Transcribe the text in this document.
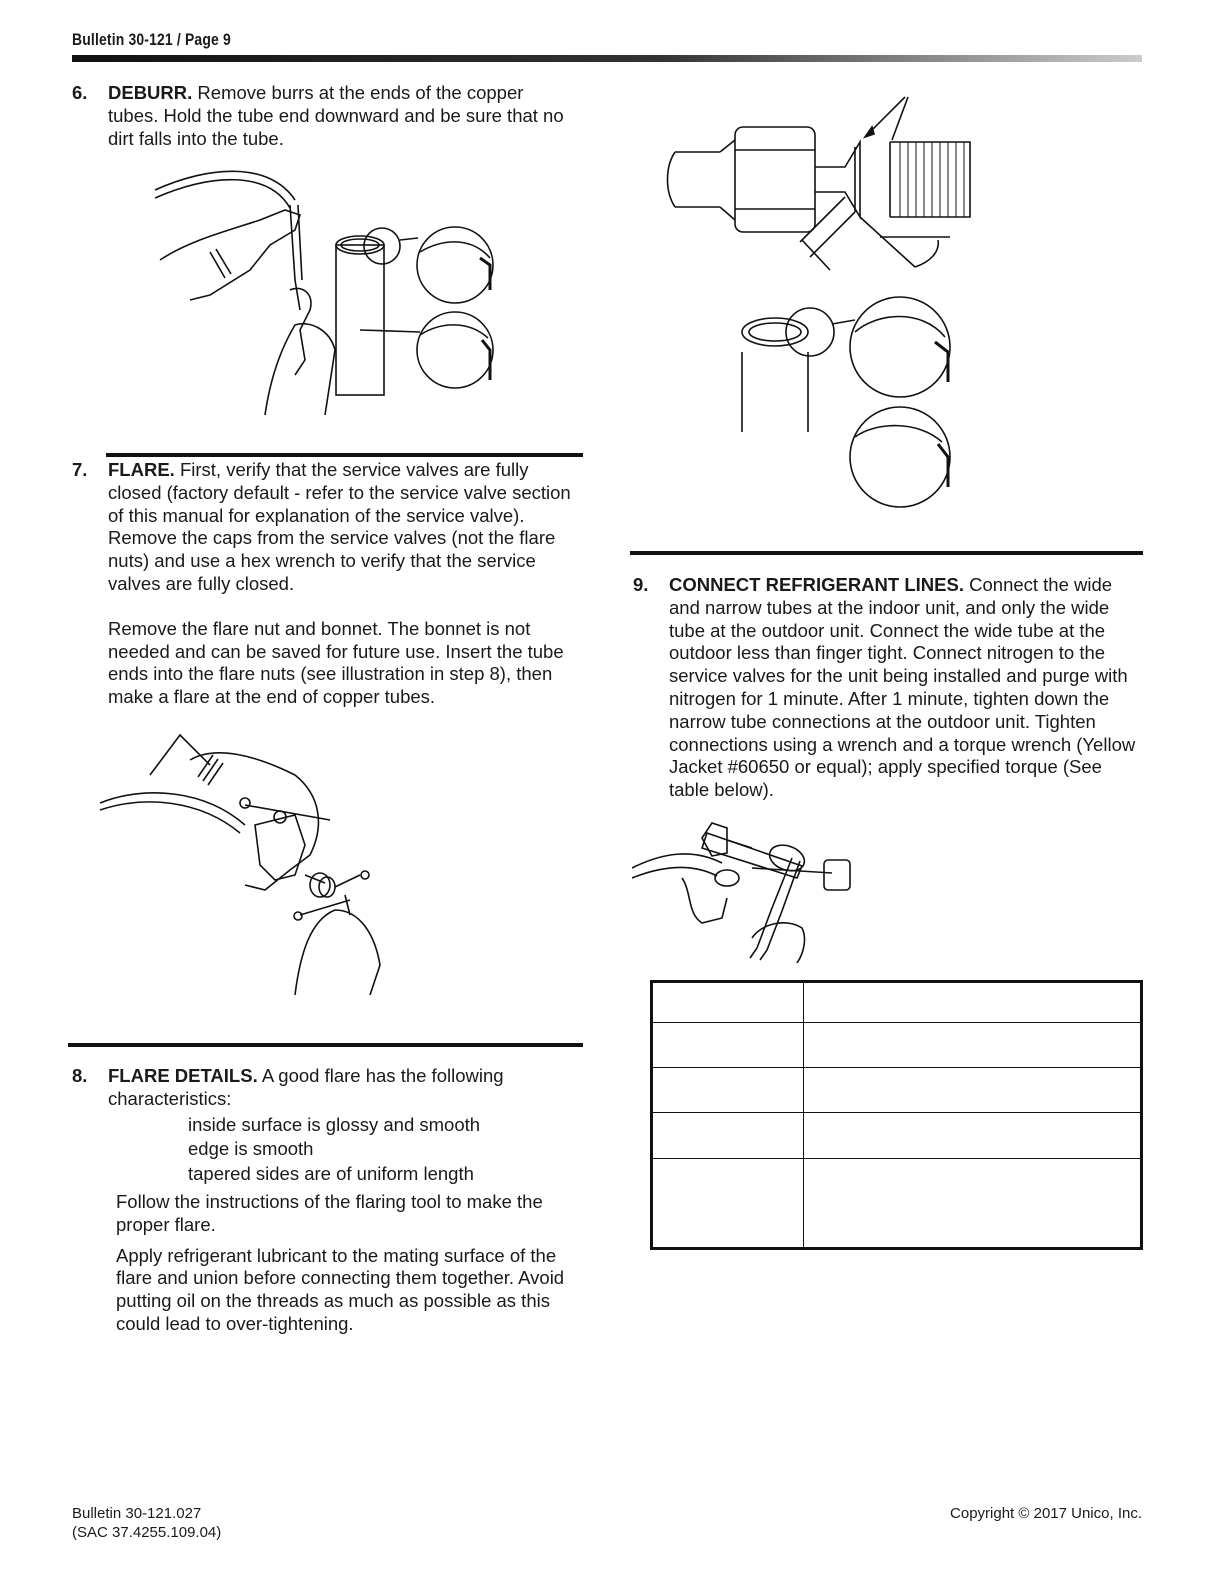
Bulletin 30-121 / Page 9
6. DEBURR. Remove burrs at the ends of the copper tubes. Hold the tube end downward and be sure that no dirt falls into the tube.

7. FLARE. First, verify that the service valves are fully closed (factory default - refer to the service valve section of this manual for explanation of the service valve). Remove the caps from the service valves (not the flare nuts) and use a hex wrench to verify that the service valves are fully closed.

Remove the flare nut and bonnet. The bonnet is not needed and can be saved for future use. Insert the tube ends into the flare nuts (see illustration in step 8), then make a flare at the end of copper tubes.

8. FLARE DETAILS. A good flare has the following characteristics:

inside surface is glossy and smooth
edge is smooth
tapered sides are of uniform length
Follow the instructions of the flaring tool to make the proper flare.
Apply refrigerant lubricant to the mating surface of the flare and union before connecting them together. Avoid putting oil on the threads as much as possible as this could lead to over-tightening.
9. CONNECT REFRIGERANT LINES. Connect the wide and narrow tubes at the indoor unit, and only the wide tube at the outdoor unit. Connect the wide tube at the outdoor less than finger tight. Connect nitrogen to the service valves for the unit being installed and purge with nitrogen for 1 minute. After 1 minute, tighten down the narrow tube connections at the outdoor unit. Tighten connections using a wrench and a torque wrench (Yellow Jacket #60650 or equal); apply specified torque (See table below).

Bulletin 30-121.027
(SAC 37.4255.109.04)
Copyright © 2017 Unico, Inc.
